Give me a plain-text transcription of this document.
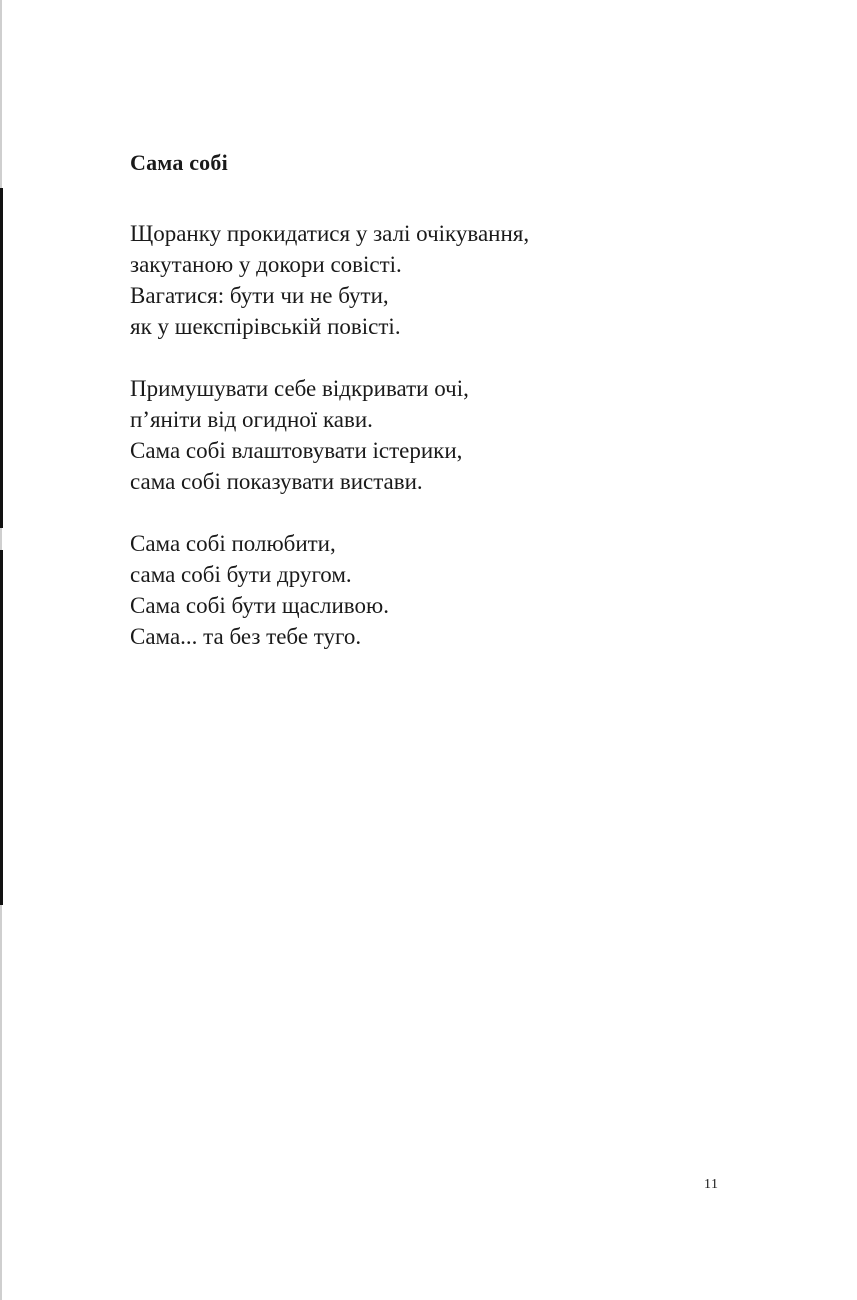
Сама собі
Щоранку прокидатися у залі очікування,
закутаною у докори совісті.
Вагатися: бути чи не бути,
як у шекспірівській повісті.
Примушувати себе відкривати очі,
п’яніти від огидної кави.
Сама собі влаштовувати істерики,
сама собі показувати вистави.
Сама собі полюбити,
сама собі бути другом.
Сама собі бути щасливою.
Сама... та без тебе туго.
11
